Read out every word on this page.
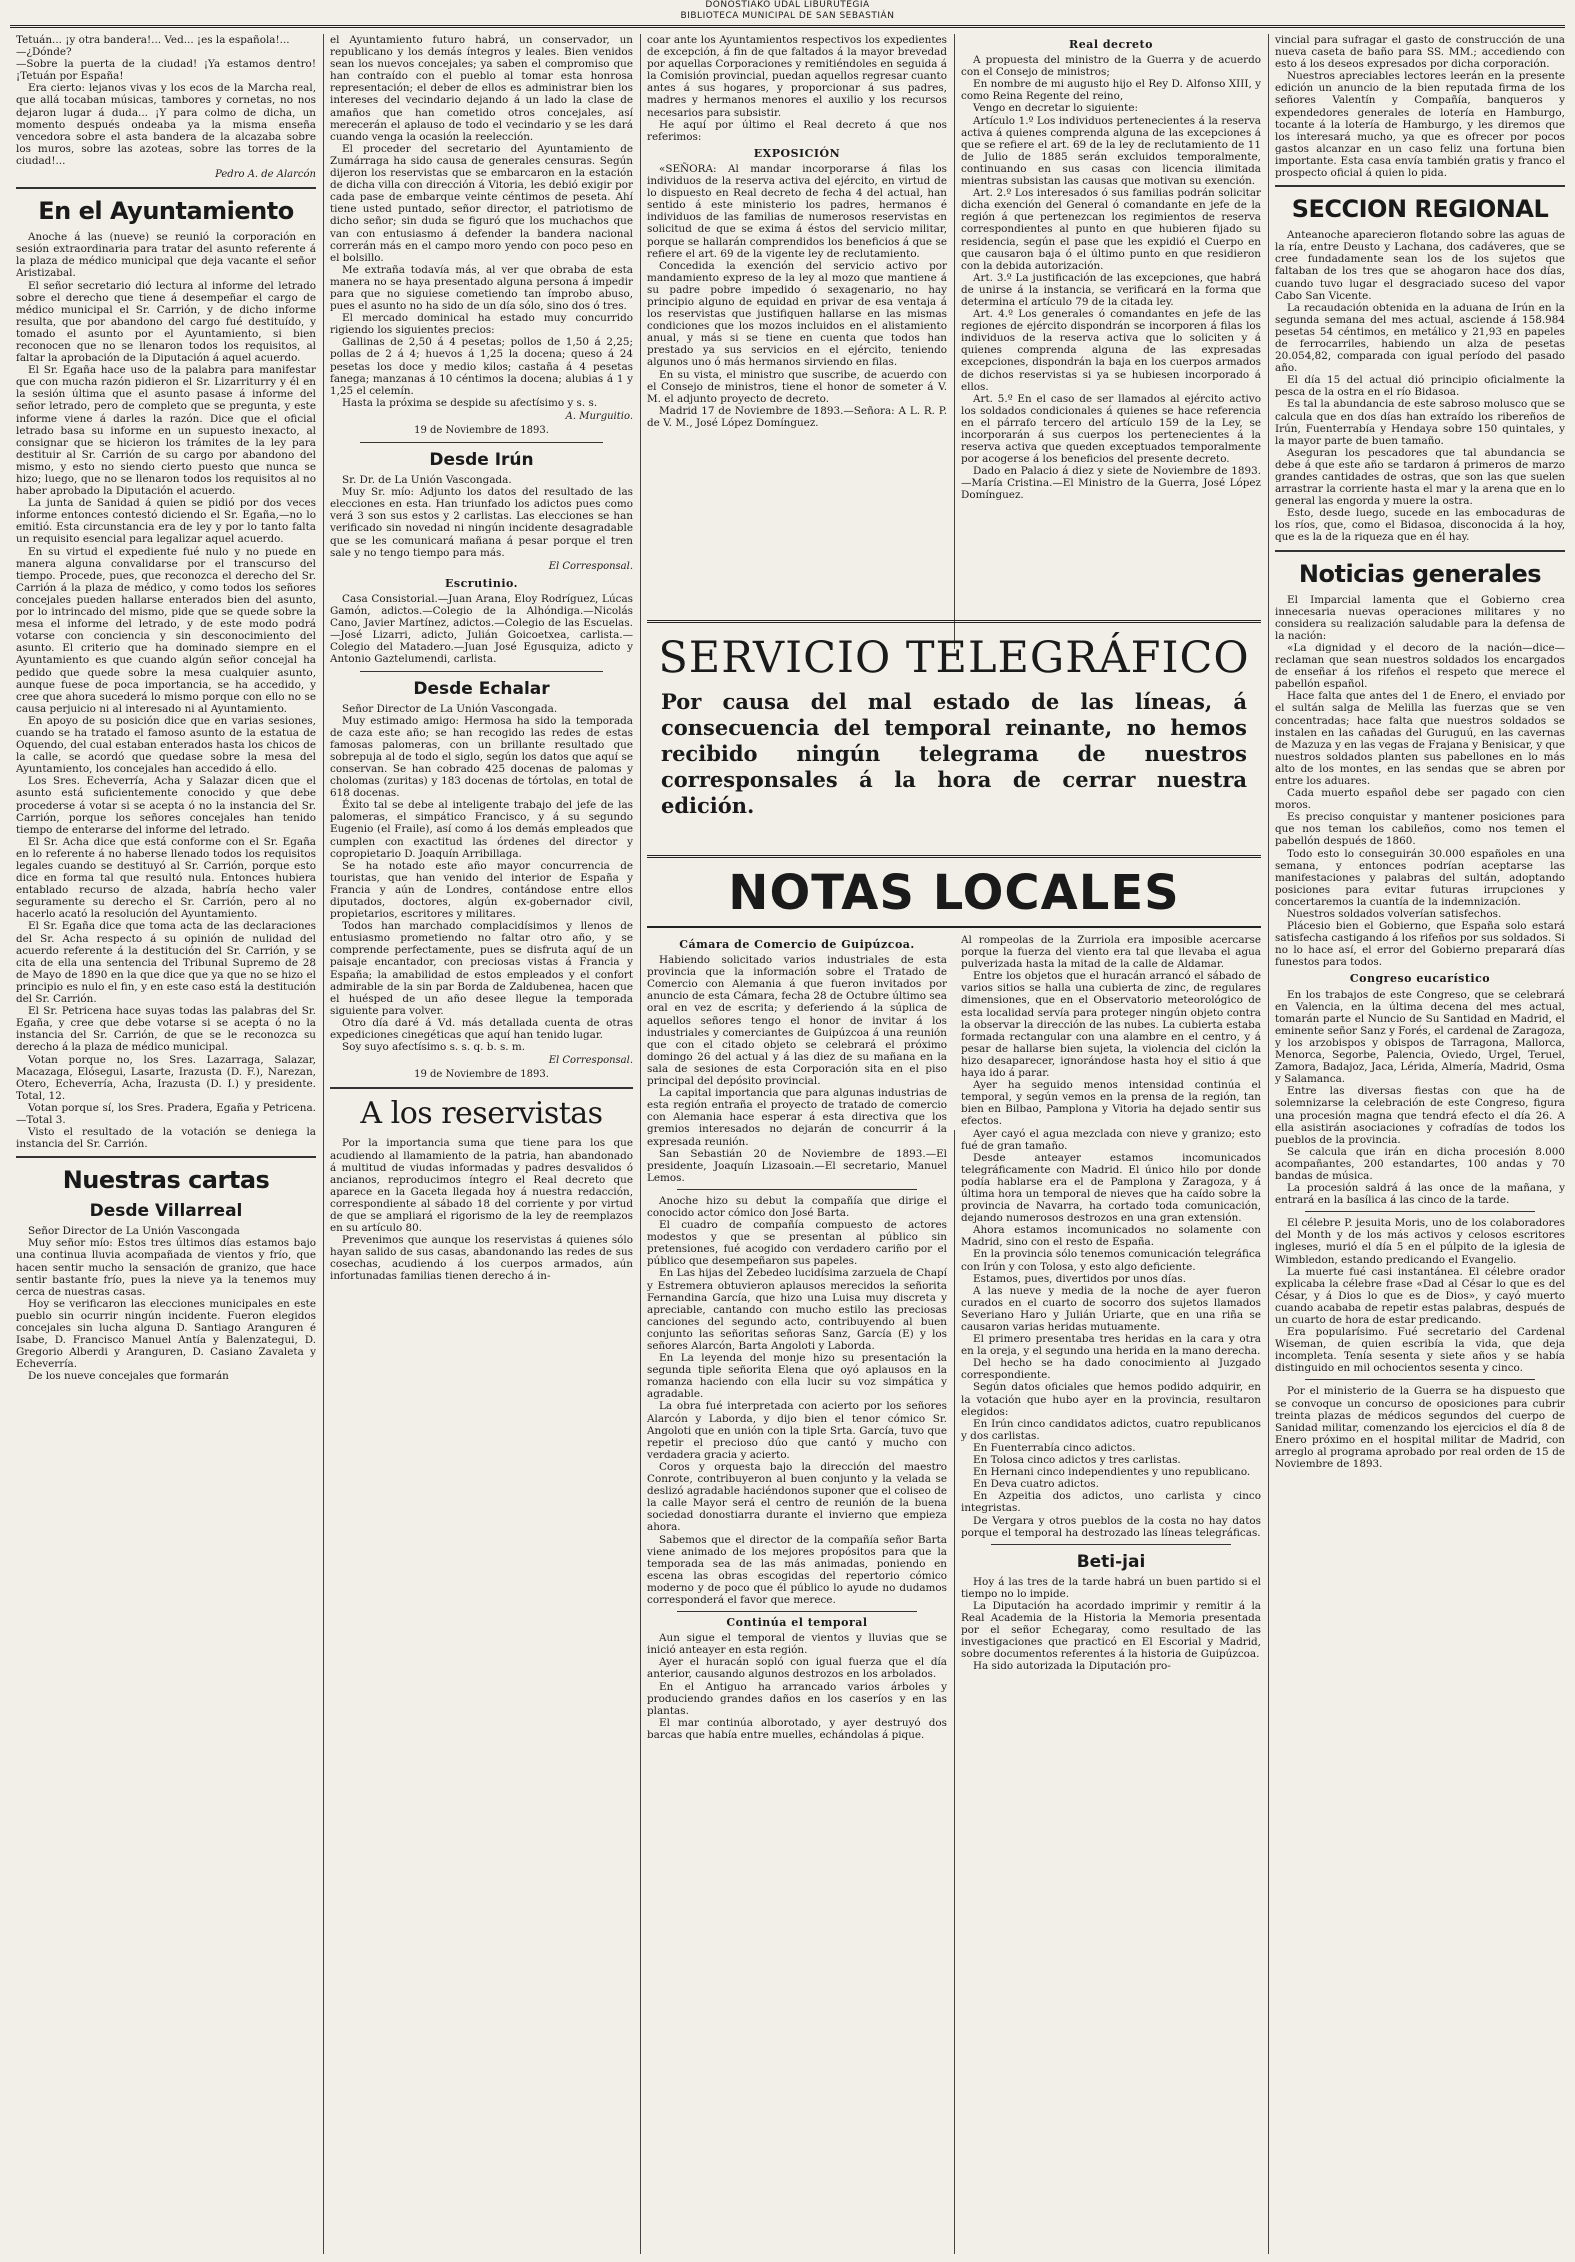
DONOSTIAKO UDAL LIBURUTEGIA
BIBLIOTECA MUNICIPAL DE SAN SEBASTIÁN

Tetuán... ¡y otra bandera!... Ved... ¡es la española!...

—¿Dónde?

—Sobre la puerta de la ciudad! ¡Ya estamos dentro! ¡Tetuán por España!

Era cierto: lejanos vivas y los ecos de la Marcha real, que allá tocaban músicas, tambores y cornetas, no nos dejaron lugar á duda... ¡Y para colmo de dicha, un momento después ondeaba ya la misma enseña vencedora sobre el asta bandera de la alcazaba sobre los muros, sobre las azoteas, sobre las torres de la ciudad!...

Pedro A. de Alarcón
En el Ayuntamiento

Anoche á las (nueve) se reunió la corporación en sesión extraordinaria para tratar del asunto referente á la plaza de médico municipal que deja vacante el señor Aristizabal.

El señor secretario dió lectura al informe del letrado sobre el derecho que tiene á desempeñar el cargo de médico municipal el Sr. Carrión, y de dicho informe resulta, que por abandono del cargo fué destituído, y tomado el asunto por el Ayuntamiento, si bien reconocen que no se llenaron todos los requisitos, al faltar la aprobación de la Diputación á aquel acuerdo.

El Sr. Egaña hace uso de la palabra para manifestar que con mucha razón pidieron el Sr. Lizarriturry y él en la sesión última que el asunto pasase á informe del señor letrado, pero de completo que se pregunta, y este informe viene á darles la razón. Dice que el oficial letrado basa su informe en un supuesto inexacto, al consignar que se hicieron los trámites de la ley para destituir al Sr. Carrión de su cargo por abandono del mismo, y esto no siendo cierto puesto que nunca se hizo; luego, que no se llenaron todos los requisitos al no haber aprobado la Diputación el acuerdo.

La junta de Sanidad á quien se pidió por dos veces informe entonces contestó diciendo el Sr. Egaña,—no lo emitió. Esta circunstancia era de ley y por lo tanto falta un requisito esencial para legalizar aquel acuerdo.

En su virtud el expediente fué nulo y no puede en manera alguna convalidarse por el transcurso del tiempo. Procede, pues, que reconozca el derecho del Sr. Carrión á la plaza de médico, y como todos los señores concejales pueden hallarse enterados bien del asunto, por lo intrincado del mismo, pide que se quede sobre la mesa el informe del letrado, y de este modo podrá votarse con conciencia y sin desconocimiento del asunto. El criterio que ha dominado siempre en el Ayuntamiento es que cuando algún señor concejal ha pedido que quede sobre la mesa cualquier asunto, aunque fuese de poca importancia, se ha accedido, y cree que ahora sucederá lo mismo porque con ello no se causa perjuicio ni al interesado ni al Ayuntamiento.

En apoyo de su posición dice que en varias sesiones, cuando se ha tratado el famoso asunto de la estatua de Oquendo, del cual estaban enterados hasta los chicos de la calle, se acordó que quedase sobre la mesa del Ayuntamiento, los concejales han accedido á ello.

Los Sres. Echeverría, Acha y Salazar dicen que el asunto está suficientemente conocido y que debe procederse á votar si se acepta ó no la instancia del Sr. Carrión, porque los señores concejales han tenido tiempo de enterarse del informe del letrado.

El Sr. Acha dice que está conforme con el Sr. Egaña en lo referente á no haberse llenado todos los requisitos legales cuando se destituyó al Sr. Carrión, porque esto dice en forma tal que resultó nula. Entonces hubiera entablado recurso de alzada, habría hecho valer seguramente su derecho el Sr. Carrión, pero al no hacerlo acató la resolución del Ayuntamiento.

El Sr. Egaña dice que toma acta de las declaraciones del Sr. Acha respecto á su opinión de nulidad del acuerdo referente á la destitución del Sr. Carrión, y se cita de ella una sentencia del Tribunal Supremo de 28 de Mayo de 1890 en la que dice que ya que no se hizo el principio es nulo el fin, y en este caso está la destitución del Sr. Carrión.

El Sr. Petricena hace suyas todas las palabras del Sr. Egaña, y cree que debe votarse si se acepta ó no la instancia del Sr. Carrión, de que se le reconozca su derecho á la plaza de médico municipal.

Votan porque no, los Sres. Lazarraga, Salazar, Macazaga, Elósegui, Lasarte, Irazusta (D. F.), Narezan, Otero, Echeverría, Acha, Irazusta (D. I.) y presidente. Total, 12.

Votan porque sí, los Sres. Pradera, Egaña y Petricena.—Total 3.

Visto el resultado de la votación se deniega la instancia del Sr. Carrión.

Nuestras cartas
Desde Villarreal

Señor Director de La Unión Vascongada

Muy señor mío: Estos tres últimos días estamos bajo una continua lluvia acompañada de vientos y frío, que hacen sentir mucho la sensación de granizo, que hace sentir bastante frío, pues la nieve ya la tenemos muy cerca de nuestras casas.

Hoy se verificaron las elecciones municipales en este pueblo sin ocurrir ningún incidente. Fueron elegidos concejales sin lucha alguna D. Santiago Aranguren é Isabe, D. Francisco Manuel Antía y Balenzategui, D. Gregorio Alberdi y Aranguren, D. Casiano Zavaleta y Echeverría.

De los nueve concejales que formarán

el Ayuntamiento futuro habrá, un conservador, un republicano y los demás íntegros y leales. Bien venidos sean los nuevos concejales; ya saben el compromiso que han contraído con el pueblo al tomar esta honrosa representación; el deber de ellos es administrar bien los intereses del vecindario dejando á un lado la clase de amaños que han cometido otros concejales, así merecerán el aplauso de todo el vecindario y se les dará cuando venga la ocasión la reelección.

El proceder del secretario del Ayuntamiento de Zumárraga ha sido causa de generales censuras. Según dijeron los reservistas que se embarcaron en la estación de dicha villa con dirección á Vitoria, les debió exigir por cada pase de embarque veinte céntimos de peseta. Ahí tiene usted puntado, señor director, el patriotismo de dicho señor; sin duda se figuró que los muchachos que van con entusiasmo á defender la bandera nacional correrán más en el campo moro yendo con poco peso en el bolsillo.

Me extraña todavía más, al ver que obraba de esta manera no se haya presentado alguna persona á impedir para que no siguiese cometiendo tan ímprobo abuso, pues el asunto no ha sido de un día sólo, sino dos ó tres.

El mercado dominical ha estado muy concurrido rigiendo los siguientes precios:

Gallinas de 2,50 á 4 pesetas; pollos de 1,50 á 2,25; pollas de 2 á 4; huevos á 1,25 la docena; queso á 24 pesetas los doce y medio kilos; castaña á 4 pesetas fanega; manzanas á 10 céntimos la docena; alubias á 1 y 1,25 el celemín.

Hasta la próxima se despide su afectísimo y s. s.

A. Murguitio.
19 de Noviembre de 1893.
Desde Irún

Sr. Dr. de La Unión Vascongada.

Muy Sr. mío: Adjunto los datos del resultado de las elecciones en esta. Han triunfado los adictos pues como verá 3 son sus estos y 2 carlistas. Las elecciones se han verificado sin novedad ni ningún incidente desagradable que se les comunicará mañana á pesar porque el tren sale y no tengo tiempo para más.

El Corresponsal.
Escrutinio.

Casa Consistorial.—Juan Arana, Eloy Rodríguez, Lúcas Gamón, adictos.—Colegio de la Alhóndiga.—Nicolás Cano, Javier Martínez, adictos.—Colegio de las Escuelas.—José Lizarri, adicto, Julián Goicoetxea, carlista.—Colegio del Matadero.—Juan José Egusquiza, adicto y Antonio Gaztelumendi, carlista.

Desde Echalar

Señor Director de La Unión Vascongada.

Muy estimado amigo: Hermosa ha sido la temporada de caza este año; se han recogido las redes de estas famosas palomeras, con un brillante resultado que sobrepuja al de todo el siglo, según los datos que aquí se conservan. Se han cobrado 425 docenas de palomas y cholomas (zuritas) y 183 docenas de tórtolas, en total de 618 docenas.

Éxito tal se debe al inteligente trabajo del jefe de las palomeras, el simpático Francisco, y á su segundo Eugenio (el Fraile), así como á los demás empleados que cumplen con exactitud las órdenes del director y copropietario D. Joaquín Arribillaga.

Se ha notado este año mayor concurrencia de touristas, que han venido del interior de España y Francia y aún de Londres, contándose entre ellos diputados, doctores, algún ex-gobernador civil, propietarios, escritores y militares.

Todos han marchado complacidísimos y llenos de entusiasmo prometiendo no faltar otro año, y se comprende perfectamente, pues se disfruta aquí de un paisaje encantador, con preciosas vistas á Francia y España; la amabilidad de estos empleados y el confort admirable de la sin par Borda de Zaldubenea, hacen que el huésped de un año desee llegue la temporada siguiente para volver.

Otro día daré á Vd. más detallada cuenta de otras expediciones cinegéticas que aquí han tenido lugar.

Soy suyo afectísimo s. s. q. b. s. m.

El Corresponsal.
19 de Noviembre de 1893.
A los reservistas

Por la importancia suma que tiene para los que acudiendo al llamamiento de la patria, han abandonado á multitud de viudas informadas y padres desvalidos ó ancianos, reproducimos íntegro el Real decreto que aparece en la Gaceta llegada hoy á nuestra redacción, correspondiente al sábado 18 del corriente y por virtud de que se ampliará el rigorismo de la ley de reemplazos en su artículo 80.

Prevenimos que aunque los reservistas á quienes sólo hayan salido de sus casas, abandonando las redes de sus cosechas, acudiendo á los cuerpos armados, aún infortunadas familias tienen derecho á in-

coar ante los Ayuntamientos respectivos los expedientes de excepción, á fin de que faltados á la mayor brevedad por aquellas Corporaciones y remitiéndoles en seguida á la Comisión provincial, puedan aquellos regresar cuanto antes á sus hogares, y proporcionar á sus padres, madres y hermanos menores el auxilio y los recursos necesarios para subsistir.

He aquí por último el Real decreto á que nos referimos:

EXPOSICIÓN

«SEÑORA: Al mandar incorporarse á filas los individuos de la reserva activa del ejército, en virtud de lo dispuesto en Real decreto de fecha 4 del actual, han sentido á este ministerio los padres, hermanos é individuos de las familias de numerosos reservistas en solicitud de que se exima á éstos del servicio militar, porque se hallarán comprendidos los beneficios á que se refiere el art. 69 de la vigente ley de reclutamiento.

Concedida la exención del servicio activo por mandamiento expreso de la ley al mozo que mantiene á su padre pobre impedido ó sexagenario, no hay principio alguno de equidad en privar de esa ventaja á los reservistas que justifiquen hallarse en las mismas condiciones que los mozos incluidos en el alistamiento anual, y más si se tiene en cuenta que todos han prestado ya sus servicios en el ejército, teniendo algunos uno ó más hermanos sirviendo en filas.

En su vista, el ministro que suscribe, de acuerdo con el Consejo de ministros, tiene el honor de someter á V. M. el adjunto proyecto de decreto.

Madrid 17 de Noviembre de 1893.—Señora: A L. R. P. de V. M., José López Domínguez.

Real decreto

A propuesta del ministro de la Guerra y de acuerdo con el Consejo de ministros;

En nombre de mi augusto hijo el Rey D. Alfonso XIII, y como Reina Regente del reino,

Vengo en decretar lo siguiente:

Artículo 1.º Los individuos pertenecientes á la reserva activa á quienes comprenda alguna de las excepciones á que se refiere el art. 69 de la ley de reclutamiento de 11 de Julio de 1885 serán excluidos temporalmente, continuando en sus casas con licencia ilimitada mientras subsistan las causas que motivan su exención.

Art. 2.º Los interesados ó sus familias podrán solicitar dicha exención del General ó comandante en jefe de la región á que pertenezcan los regimientos de reserva correspondientes al punto en que hubieren fijado su residencia, según el pase que les expidió el Cuerpo en que causaron baja ó el último punto en que residieron con la debida autorización.

Art. 3.º La justificación de las excepciones, que habrá de unirse á la instancia, se verificará en la forma que determina el artículo 79 de la citada ley.

Art. 4.º Los generales ó comandantes en jefe de las regiones de ejército dispondrán se incorporen á filas los individuos de la reserva activa que lo soliciten y á quienes comprenda alguna de las expresadas excepciones, dispondrán la baja en los cuerpos armados de dichos reservistas si ya se hubiesen incorporado á ellos.

Art. 5.º En el caso de ser llamados al ejército activo los soldados condicionales á quienes se hace referencia en el párrafo tercero del artículo 159 de la Ley, se incorporarán á sus cuerpos los pertenecientes á la reserva activa que queden exceptuados temporalmente por acogerse á los beneficios del presente decreto.

Dado en Palacio á diez y siete de Noviembre de 1893.—María Cristina.—El Ministro de la Guerra, José López Domínguez.

SERVICIO TELEGRÁFICO
Por causa del mal estado de las líneas, á consecuencia del temporal reinante, no hemos recibido ningún telegrama de nuestros corresponsales á la hora de cerrar nuestra edición.
NOTAS LOCALES
Cámara de Comercio de Guipúzcoa.

Habiendo solicitado varios industriales de esta provincia que la información sobre el Tratado de Comercio con Alemania á que fueron invitados por anuncio de esta Cámara, fecha 28 de Octubre último sea oral en vez de escrita; y deferiendo á la súplica de aquellos señores tengo el honor de invitar á los industriales y comerciantes de Guipúzcoa á una reunión que con el citado objeto se celebrará el próximo domingo 26 del actual y á las diez de su mañana en la sala de sesiones de esta Corporación sita en el piso principal del depósito provincial.

La capital importancia que para algunas industrias de esta región entraña el proyecto de tratado de comercio con Alemania hace esperar á esta directiva que los gremios interesados no dejarán de concurrir á la expresada reunión.

San Sebastián 20 de Noviembre de 1893.—El presidente, Joaquín Lizasoain.—El secretario, Manuel Lemos.

Anoche hizo su debut la compañía que dirige el conocido actor cómico don José Barta.

El cuadro de compañía compuesto de actores modestos y que se presentan al público sin pretensiones, fué acogido con verdadero cariño por el público que desempeñaron sus papeles.

En Las hijas del Zebedeo lucidísima zarzuela de Chapí y Estremera obtuvieron aplausos merecidos la señorita Fernandina García, que hizo una Luisa muy discreta y apreciable, cantando con mucho estilo las preciosas canciones del segundo acto, contribuyendo al buen conjunto las señoritas señoras Sanz, García (E) y los señores Alarcón, Barta Angoloti y Laborda.

En La leyenda del monje hizo su presentación la segunda tiple señorita Elena que oyó aplausos en la romanza haciendo con ella lucir su voz simpática y agradable.

La obra fué interpretada con acierto por los señores Alarcón y Laborda, y dijo bien el tenor cómico Sr. Angoloti que en unión con la tiple Srta. García, tuvo que repetir el precioso dúo que cantó y mucho con verdadera gracia y acierto.

Coros y orquesta bajo la dirección del maestro Conrote, contribuyeron al buen conjunto y la velada se deslizó agradable haciéndonos suponer que el coliseo de la calle Mayor será el centro de reunión de la buena sociedad donostiarra durante el invierno que empieza ahora.

Sabemos que el director de la compañía señor Barta viene animado de los mejores propósitos para que la temporada sea de las más animadas, poniendo en escena las obras escogidas del repertorio cómico moderno y de poco que él público lo ayude no dudamos corresponderá el favor que merece.

Continúa el temporal

Aun sigue el temporal de vientos y lluvias que se inició anteayer en esta región.

Ayer el huracán sopló con igual fuerza que el día anterior, causando algunos destrozos en los arbolados.

En el Antiguo ha arrancado varios árboles y produciendo grandes daños en los caseríos y en las plantas.

El mar continúa alborotado, y ayer destruyó dos barcas que había entre muelles, echándolas á pique.

Al rompeolas de la Zurriola era imposible acercarse porque la fuerza del viento era tal que llevaba el agua pulverizada hasta la mitad de la calle de Aldamar.

Entre los objetos que el huracán arrancó el sábado de varios sitios se halla una cubierta de zinc, de regulares dimensiones, que en el Observatorio meteorológico de esta localidad servía para proteger ningún objeto contra la observar la dirección de las nubes. La cubierta estaba formada rectangular con una alambre en el centro, y á pesar de hallarse bien sujeta, la violencia del ciclón la hizo desaparecer, ignorándose hasta hoy el sitio á que haya ido á parar.

Ayer ha seguido menos intensidad continúa el temporal, y según vemos en la prensa de la región, tan bien en Bilbao, Pamplona y Vitoria ha dejado sentir sus efectos.

Ayer cayó el agua mezclada con nieve y granizo; esto fué de gran tamaño.

Desde anteayer estamos incomunicados telegráficamente con Madrid. El único hilo por donde podía hablarse era el de Pamplona y Zaragoza, y á última hora un temporal de nieves que ha caído sobre la provincia de Navarra, ha cortado toda comunicación, dejando numerosos destrozos en una gran extensión.

Ahora estamos incomunicados no solamente con Madrid, sino con el resto de España.

En la provincia sólo tenemos comunicación telegráfica con Irún y con Tolosa, y esto algo deficiente.

Estamos, pues, divertidos por unos días.

A las nueve y media de la noche de ayer fueron curados en el cuarto de socorro dos sujetos llamados Severiano Haro y Julián Uriarte, que en una riña se causaron varias heridas mutuamente.

El primero presentaba tres heridas en la cara y otra en la oreja, y el segundo una herida en la mano derecha.

Del hecho se ha dado conocimiento al Juzgado correspondiente.

Según datos oficiales que hemos podido adquirir, en la votación que hubo ayer en la provincia, resultaron elegidos:

En Irún cinco candidatos adictos, cuatro republicanos y dos carlistas.

En Fuenterrabía cinco adictos.

En Tolosa cinco adictos y tres carlistas.

En Hernani cinco independientes y uno republicano.

En Deva cuatro adictos.

En Azpeitia dos adictos, uno carlista y cinco integristas.

De Vergara y otros pueblos de la costa no hay datos porque el temporal ha destrozado las líneas telegráficas.

Beti-jai

Hoy á las tres de la tarde habrá un buen partido si el tiempo no lo impide.

La Diputación ha acordado imprimir y remitir á la Real Academia de la Historia la Memoria presentada por el señor Echegaray, como resultado de las investigaciones que practicó en El Escorial y Madrid, sobre documentos referentes á la historia de Guipúzcoa.

Ha sido autorizada la Diputación pro-

vincial para sufragar el gasto de construcción de una nueva caseta de baño para SS. MM.; accediendo con esto á los deseos expresados por dicha corporación.

Nuestros apreciables lectores leerán en la presente edición un anuncio de la bien reputada firma de los señores Valentín y Compañía, banqueros y expendedores generales de lotería en Hamburgo, tocante á la lotería de Hamburgo, y les diremos que los interesará mucho, ya que es ofrecer por pocos gastos alcanzar en un caso feliz una fortuna bien importante. Esta casa envía también gratis y franco el prospecto oficial á quien lo pida.

SECCION REGIONAL

Anteanoche aparecieron flotando sobre las aguas de la ría, entre Deusto y Lachana, dos cadáveres, que se cree fundadamente sean los de los sujetos que faltaban de los tres que se ahogaron hace dos días, cuando tuvo lugar el desgraciado suceso del vapor Cabo San Vicente.

La recaudación obtenida en la aduana de Irún en la segunda semana del mes actual, asciende á 158.984 pesetas 54 céntimos, en metálico y 21,93 en papeles de ferrocarriles, habiendo un alza de pesetas 20.054,82, comparada con igual período del pasado año.

El día 15 del actual dió principio oficialmente la pesca de la ostra en el río Bidasoa.

Es tal la abundancia de este sabroso molusco que se calcula que en dos días han extraído los ribereños de Irún, Fuenterrabía y Hendaya sobre 150 quintales, y la mayor parte de buen tamaño.

Aseguran los pescadores que tal abundancia se debe á que este año se tardaron á primeros de marzo grandes cantidades de ostras, que son las que suelen arrastrar la corriente hasta el mar y la arena que en lo general las engorda y muere la ostra.

Esto, desde luego, sucede en las embocaduras de los ríos, que, como el Bidasoa, disconocida á la hoy, que es la de la riqueza que en él hay.

Noticias generales

El Imparcial lamenta que el Gobierno crea innecesaria nuevas operaciones militares y no considera su realización saludable para la defensa de la nación:

«La dignidad y el decoro de la nación—dice—reclaman que sean nuestros soldados los encargados de enseñar á los rifeños el respeto que merece el pabellón español.

Hace falta que antes del 1 de Enero, el enviado por el sultán salga de Melilla las fuerzas que se ven concentradas; hace falta que nuestros soldados se instalen en las cañadas del Guruguú, en las cavernas de Mazuza y en las vegas de Frajana y Benisicar, y que nuestros soldados planten sus pabellones en lo más alto de los montes, en las sendas que se abren por entre los aduares.

Cada muerto español debe ser pagado con cien moros.

Es preciso conquistar y mantener posiciones para que nos teman los cabileños, como nos temen el pabellón después de 1860.

Todo esto lo conseguirán 30.000 españoles en una semana, y entonces podrían aceptarse las manifestaciones y palabras del sultán, adoptando posiciones para evitar futuras irrupciones y concertaremos la cuantía de la indemnización.

Nuestros soldados volverían satisfechos.

Plácesio bien el Gobierno, que España solo estará satisfecha castigando á los rifeños por sus soldados. Si no lo hace así, el error del Gobierno preparará días funestos para todos.

Congreso eucarístico

En los trabajos de este Congreso, que se celebrará en Valencia, en la última decena del mes actual, tomarán parte el Nuncio de Su Santidad en Madrid, el eminente señor Sanz y Forés, el cardenal de Zaragoza, y los arzobispos y obispos de Tarragona, Mallorca, Menorca, Segorbe, Palencia, Oviedo, Urgel, Teruel, Zamora, Badajoz, Jaca, Lérida, Almería, Madrid, Osma y Salamanca.

Entre las diversas fiestas con que ha de solemnizarse la celebración de este Congreso, figura una procesión magna que tendrá efecto el día 26. A ella asistirán asociaciones y cofradías de todos los pueblos de la provincia.

Se calcula que irán en dicha procesión 8.000 acompañantes, 200 estandartes, 100 andas y 70 bandas de música.

La procesión saldrá á las once de la mañana, y entrará en la basílica á las cinco de la tarde.

El célebre P. jesuita Moris, uno de los colaboradores del Month y de los más activos y celosos escritores ingleses, murió el día 5 en el púlpito de la iglesia de Wimbledon, estando predicando el Evangelio.

La muerte fué casi instantánea. El célebre orador explicaba la célebre frase «Dad al César lo que es del César, y á Dios lo que es de Dios», y cayó muerto cuando acababa de repetir estas palabras, después de un cuarto de hora de estar predicando.

Era popularísimo. Fué secretario del Cardenal Wiseman, de quien escribía la vida, que deja incompleta. Tenía sesenta y siete años y se había distinguido en mil ochocientos sesenta y cinco.

Por el ministerio de la Guerra se ha dispuesto que se convoque un concurso de oposiciones para cubrir treinta plazas de médicos segundos del cuerpo de Sanidad militar, comenzando los ejercicios el día 8 de Enero próximo en el hospital militar de Madrid, con arreglo al programa aprobado por real orden de 15 de Noviembre de 1893.
